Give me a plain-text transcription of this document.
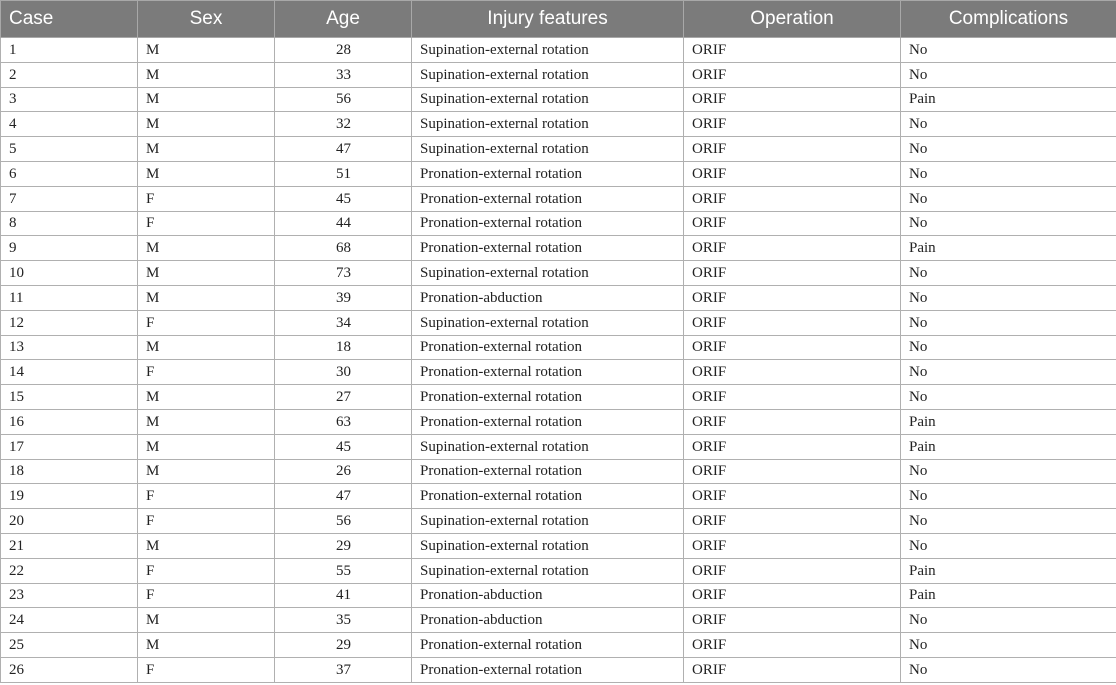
Case	Sex	Age	Injury features	Operation	Complications
1	M	28	Supination-external rotation	ORIF	No
2	M	33	Supination-external rotation	ORIF	No
3	M	56	Supination-external rotation	ORIF	Pain
4	M	32	Supination-external rotation	ORIF	No
5	M	47	Supination-external rotation	ORIF	No
6	M	51	Pronation-external rotation	ORIF	No
7	F	45	Pronation-external rotation	ORIF	No
8	F	44	Pronation-external rotation	ORIF	No
9	M	68	Pronation-external rotation	ORIF	Pain
10	M	73	Supination-external rotation	ORIF	No
11	M	39	Pronation-abduction	ORIF	No
12	F	34	Supination-external rotation	ORIF	No
13	M	18	Pronation-external rotation	ORIF	No
14	F	30	Pronation-external rotation	ORIF	No
15	M	27	Pronation-external rotation	ORIF	No
16	M	63	Pronation-external rotation	ORIF	Pain
17	M	45	Supination-external rotation	ORIF	Pain
18	M	26	Pronation-external rotation	ORIF	No
19	F	47	Pronation-external rotation	ORIF	No
20	F	56	Supination-external rotation	ORIF	No
21	M	29	Supination-external rotation	ORIF	No
22	F	55	Supination-external rotation	ORIF	Pain
23	F	41	Pronation-abduction	ORIF	Pain
24	M	35	Pronation-abduction	ORIF	No
25	M	29	Pronation-external rotation	ORIF	No
26	F	37	Pronation-external rotation	ORIF	No
